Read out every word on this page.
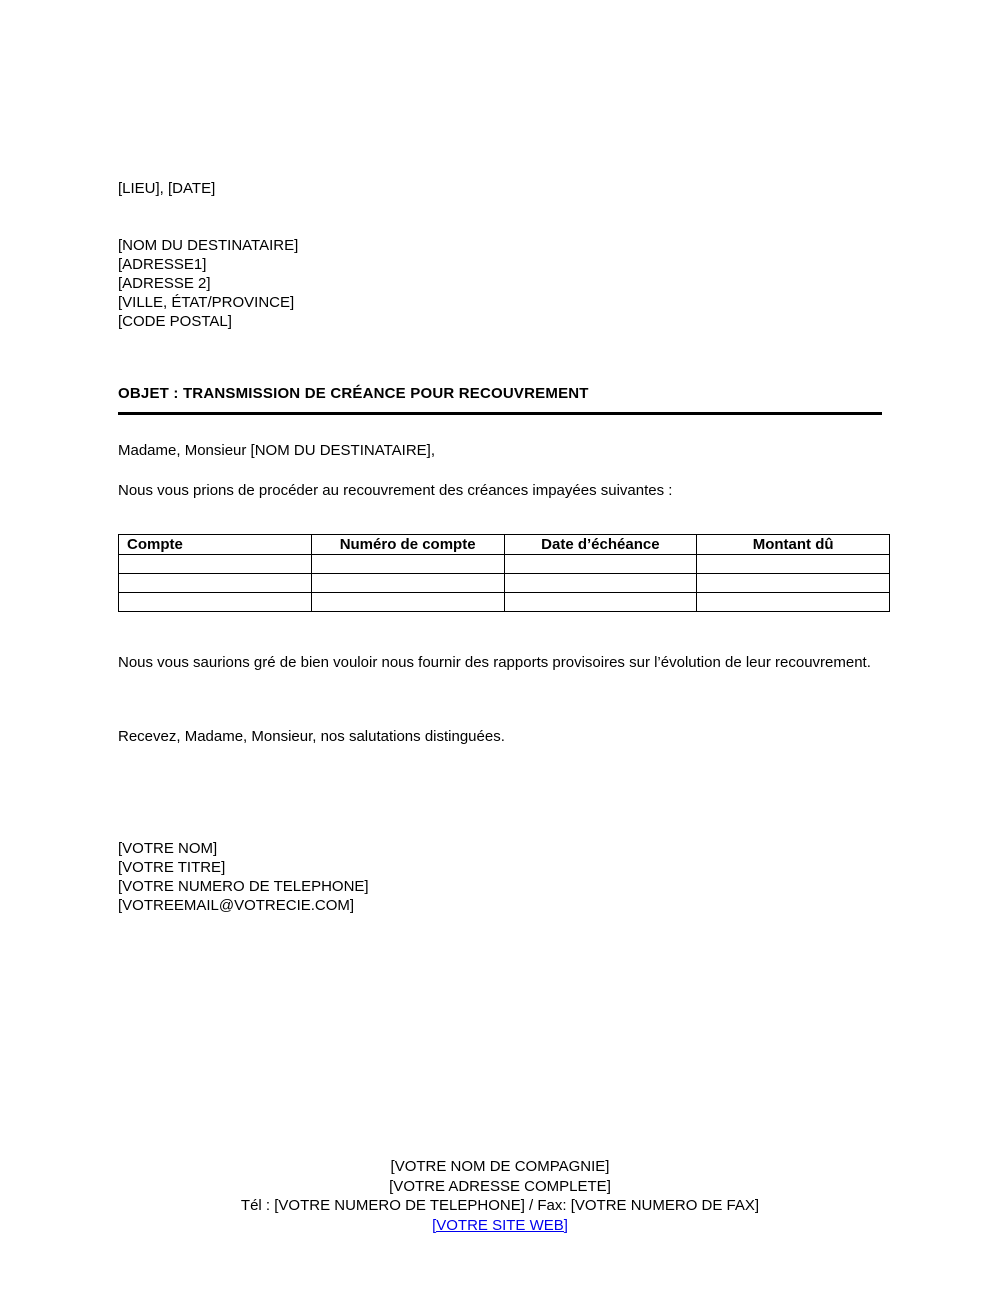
[LIEU], [DATE]
[NOM DU DESTINATAIRE]
[ADRESSE1]
[ADRESSE 2]
[VILLE, ÉTAT/PROVINCE]
[CODE POSTAL]
OBJET : TRANSMISSION DE CRÉANCE POUR RECOUVREMENT
Madame, Monsieur [NOM DU DESTINATAIRE],
Nous vous prions de procéder au recouvrement des créances impayées suivantes :
Compte	Numéro de compte	Date d’échéance	Montant dû

Nous vous saurions gré de bien vouloir nous fournir des rapports provisoires sur l’évolution de leur recouvrement.
Recevez, Madame, Monsieur, nos salutations distinguées.
[VOTRE NOM]
[VOTRE TITRE]
[VOTRE NUMERO DE TELEPHONE]
[VOTREEMAIL@VOTRECIE.COM]
[VOTRE NOM DE COMPAGNIE]
[VOTRE ADRESSE COMPLETE]
Tél : [VOTRE NUMERO DE TELEPHONE] / Fax: [VOTRE NUMERO DE FAX]
[VOTRE SITE WEB]
